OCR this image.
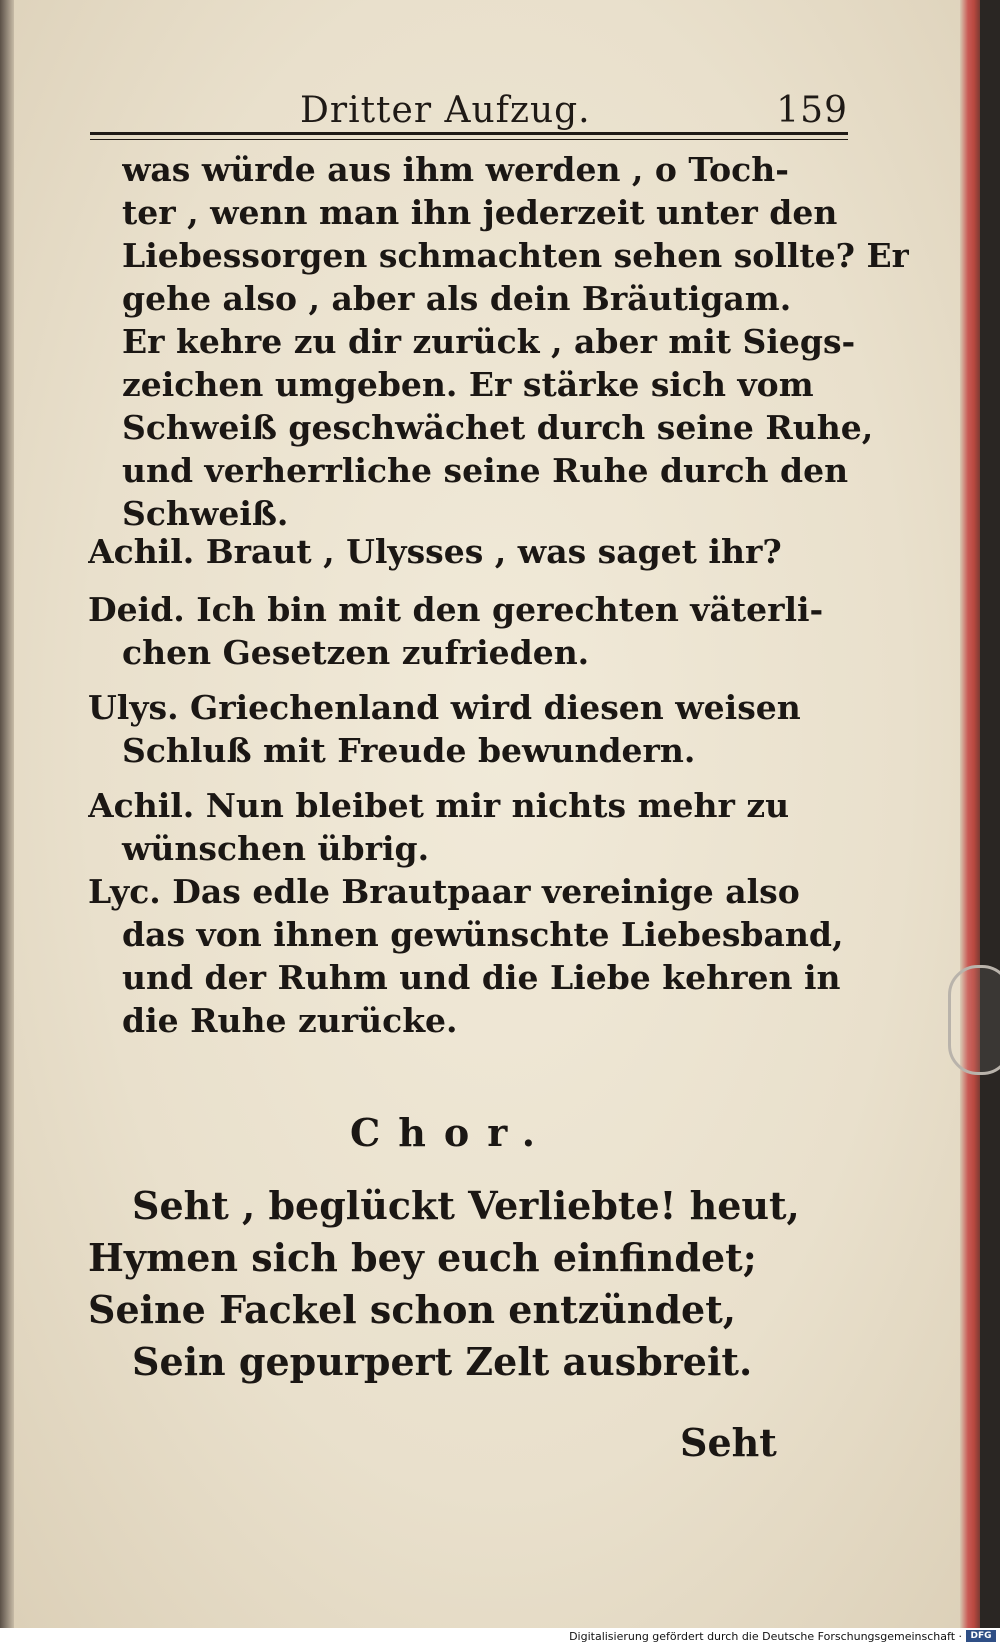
Dritter Aufzug.	159
was würde aus ihm werden , o Toch-
ter , wenn man ihn jederzeit unter den
Liebessorgen schmachten sehen sollte? Er
gehe also , aber als dein Bräutigam.
Er kehre zu dir zurück , aber mit Siegs-
zeichen umgeben. Er stärke sich vom
Schweiß geschwächet durch seine Ruhe,
und verherrliche seine Ruhe durch den
Schweiß.
Achil. Braut , Ulysses , was saget ihr?
Deid. Ich bin mit den gerechten väterli-
chen Gesetzen zufrieden.
Ulys. Griechenland wird diesen weisen
Schluß mit Freude bewundern.
Achil. Nun bleibet mir nichts mehr zu
wünschen übrig.
Lyc. Das edle Brautpaar vereinige also
das von ihnen gewünschte Liebesband,
und der Ruhm und die Liebe kehren in
die Ruhe zurücke.
Chor.
Seht , beglückt Verliebte! heut,
Hymen sich bey euch einfindet;
Seine Fackel schon entzündet,
Sein gepurpert Zelt ausbreit.
Seht
Digitalisierung gefördert durch die Deutsche Forschungsgemeinschaft · DFG
